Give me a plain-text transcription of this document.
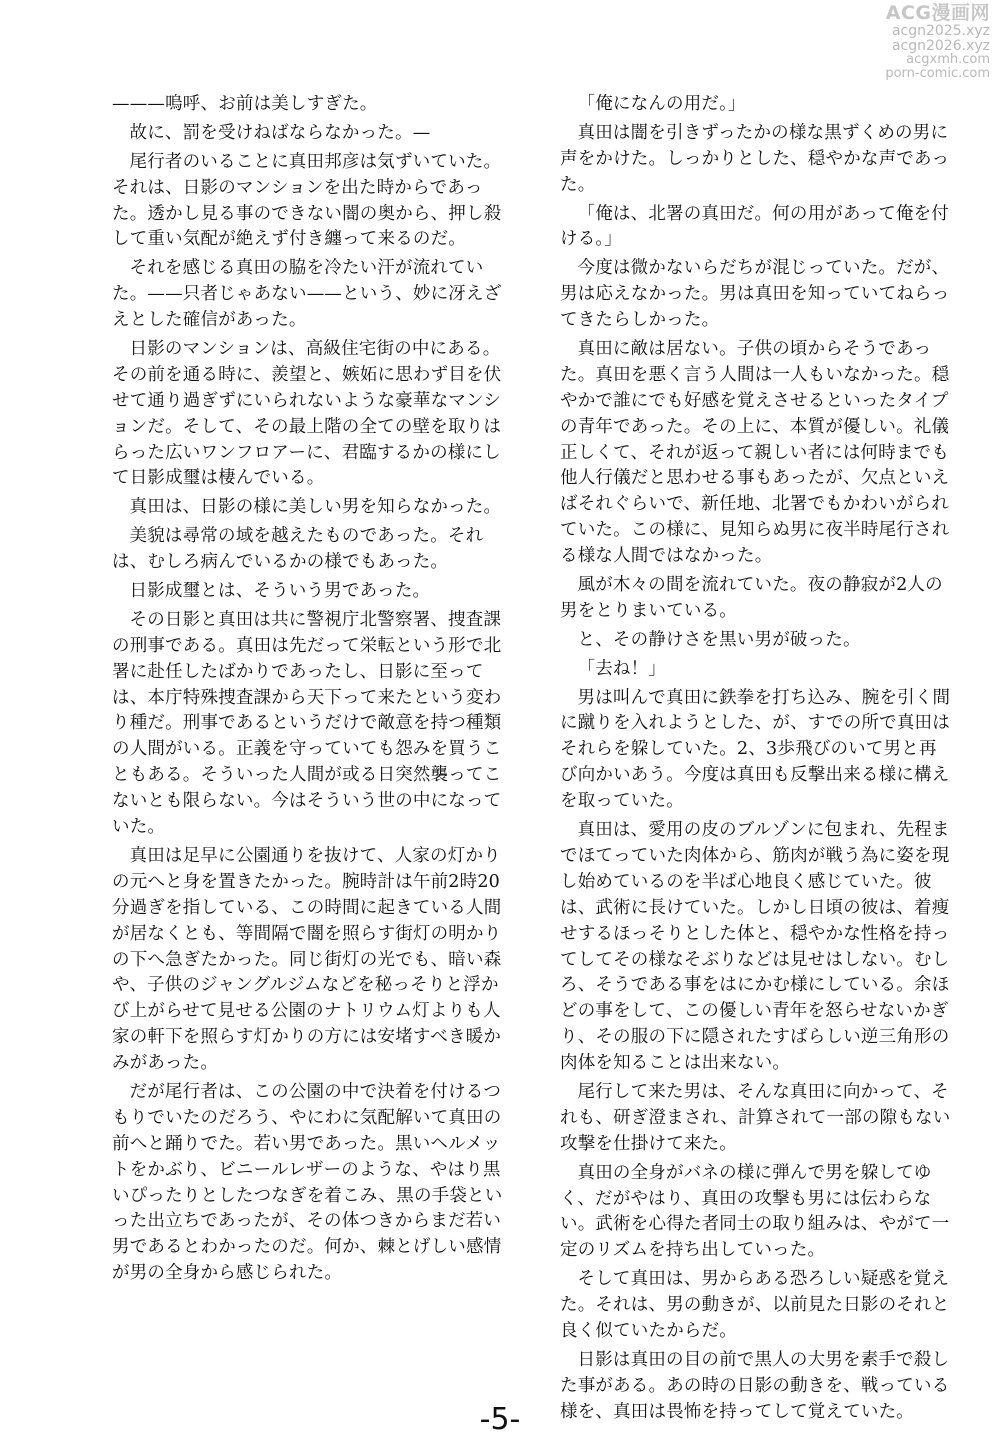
ACG漫画网
acgn2025.xyz
acgn2026.xyz
acgxmh.com
porn-comic.com

———嗚呼、お前は美しすぎた。

故に、罰を受けねばならなかった。—

尾行者のいることに真田邦彦は気ずいていた。それは、日影のマンションを出た時からであった。透かし見る事のできない闇の奥から、押し殺して重い気配が絶えず付き纏って来るのだ。

それを感じる真田の脇を冷たい汗が流れていた。——只者じゃあない——という、妙に冴えざえとした確信があった。

日影のマンションは、高級住宅街の中にある。その前を通る時に、羨望と、嫉妬に思わず目を伏せて通り過ぎずにいられないような豪華なマンションだ。そして、その最上階の全ての壁を取りはらった広いワンフロアーに、君臨するかの様にして日影成璽は棲んでいる。

真田は、日影の様に美しい男を知らなかった。

美貌は尋常の域を越えたものであった。それは、むしろ病んでいるかの様でもあった。

日影成璽とは、そういう男であった。

その日影と真田は共に警視庁北警察署、捜査課の刑事である。真田は先だって栄転という形で北署に赴任したばかりであったし、日影に至っては、本庁特殊捜査課から天下って来たという変わり種だ。刑事であるというだけで敵意を持つ種類の人間がいる。正義を守っていても怨みを買うこともある。そういった人間が或る日突然襲ってこないとも限らない。今はそういう世の中になっていた。

真田は足早に公園通りを抜けて、人家の灯かりの元へと身を置きたかった。腕時計は午前2時20分過ぎを指している、この時間に起きている人間が居なくとも、等間隔で闇を照らす街灯の明かりの下へ急ぎたかった。同じ街灯の光でも、暗い森や、子供のジャングルジムなどを秘っそりと浮かび上がらせて見せる公園のナトリウム灯よりも人家の軒下を照らす灯かりの方には安堵すべき暖かみがあった。

だが尾行者は、この公園の中で決着を付けるつもりでいたのだろう、やにわに気配解いて真田の前へと踊りでた。若い男であった。黒いヘルメットをかぶり、ビニールレザーのような、やはり黒いぴったりとしたつなぎを着こみ、黒の手袋といった出立ちであったが、その体つきからまだ若い男であるとわかったのだ。何か、棘とげしい感情が男の全身から感じられた。

「俺になんの用だ。」

真田は闇を引きずったかの様な黒ずくめの男に声をかけた。しっかりとした、穏やかな声であった。

「俺は、北署の真田だ。何の用があって俺を付ける。」

今度は微かないらだちが混じっていた。だが、男は応えなかった。男は真田を知っていてねらってきたらしかった。

真田に敵は居ない。子供の頃からそうであった。真田を悪く言う人間は一人もいなかった。穏やかで誰にでも好感を覚えさせるといったタイプの青年であった。その上に、本質が優しい。礼儀正しくて、それが返って親しい者には何時までも他人行儀だと思わせる事もあったが、欠点といえばそれぐらいで、新任地、北署でもかわいがられていた。この様に、見知らぬ男に夜半時尾行される様な人間ではなかった。

風が木々の間を流れていた。夜の静寂が2人の男をとりまいている。

と、その静けさを黒い男が破った。

「去ね！」

男は叫んで真田に鉄拳を打ち込み、腕を引く間に蹴りを入れようとした、が、すでの所で真田はそれらを躱していた。2、3歩飛びのいて男と再び向かいあう。今度は真田も反撃出来る様に構えを取っていた。

真田は、愛用の皮のブルゾンに包まれ、先程までほてっていた肉体から、筋肉が戦う為に姿を現し始めているのを半ば心地良く感じていた。彼は、武術に長けていた。しかし日頃の彼は、着痩せするほっそりとした体と、穏やかな性格を持ってしてその様なそぶりなどは見せはしない。むしろ、そうである事をはにかむ様にしている。余ほどの事をして、この優しい青年を怒らせないかぎり、その服の下に隠されたすばらしい逆三角形の肉体を知ることは出来ない。

尾行して来た男は、そんな真田に向かって、それも、研ぎ澄まされ、計算されて一部の隙もない攻撃を仕掛けて来た。

真田の全身がバネの様に弾んで男を躱してゆく、だがやはり、真田の攻撃も男には伝わらない。武術を心得た者同士の取り組みは、やがて一定のリズムを持ち出していった。

そして真田は、男からある恐ろしい疑惑を覚えた。それは、男の動きが、以前見た日影のそれと良く似ていたからだ。

日影は真田の目の前で黒人の大男を素手で殺した事がある。あの時の日影の動きを、戦っている様を、真田は畏怖を持ってして覚えていた。

-5-
